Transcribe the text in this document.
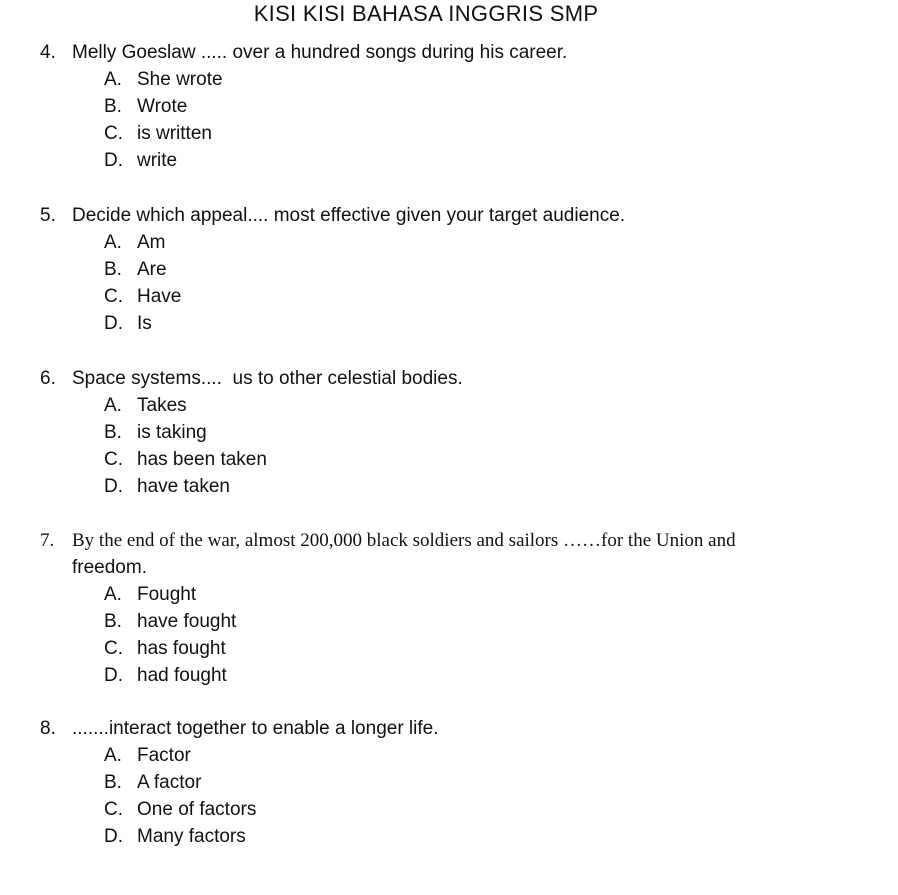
KISI KISI BAHASA INGGRIS SMP
4. Melly Goeslaw ..... over a hundred songs during his career.
A. She wrote
B. Wrote
C. is written
D. write
5. Decide which appeal.... most effective given your target audience.
A. Am
B. Are
C. Have
D. Is
6. Space systems....  us to other celestial bodies.
A. Takes
B. is taking
C. has been taken
D. have taken
7. By the end of the war, almost 200,000 black soldiers and sailors ……for the Union and
freedom.
A. Fought
B. have fought
C. has fought
D. had fought
8. .......interact together to enable a longer life.
A. Factor
B. A factor
C. One of factors
D. Many factors
